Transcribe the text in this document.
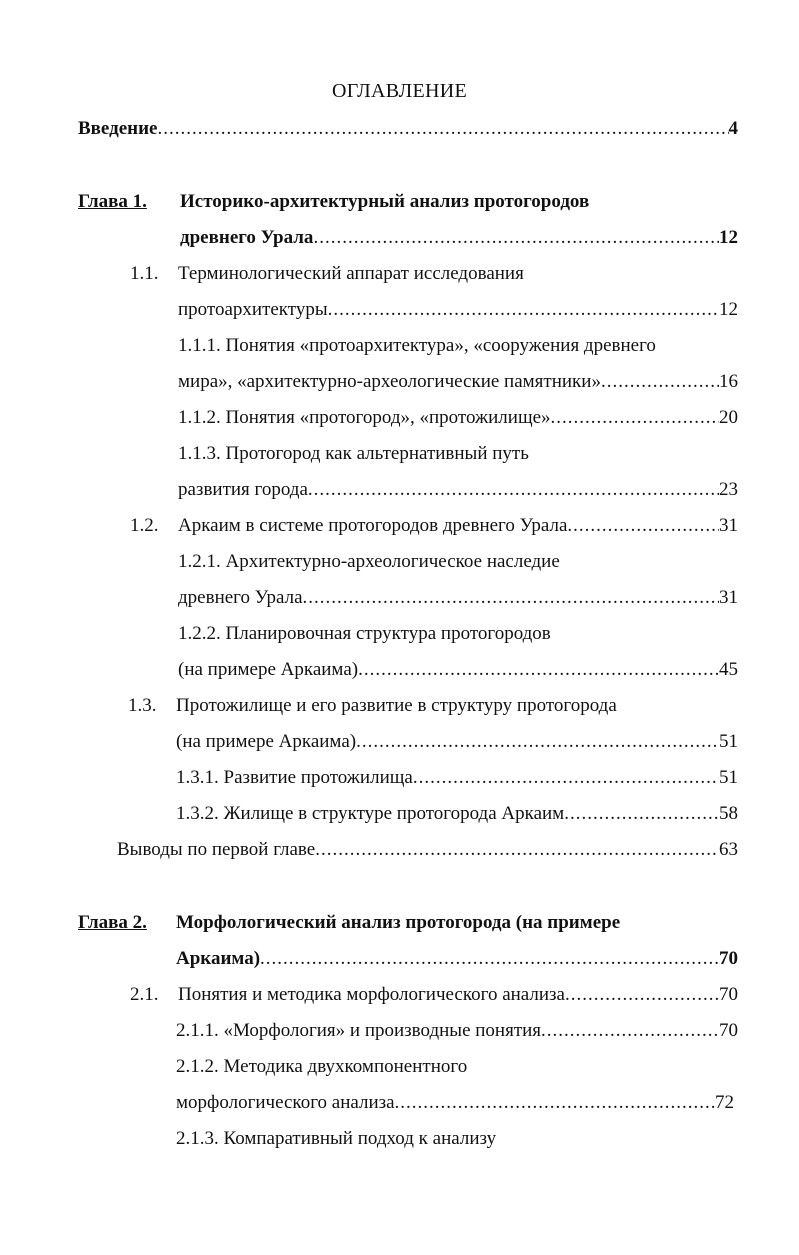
ОГЛАВЛЕНИЕ
Введение .....	4
Глава 1. Историко-архитектурный анализ протогородов
древнего Урала .....	12
1.1. Терминологический аппарат исследования
протоархитектуры .....	12
1.1.1. Понятия «протоархитектура», «сооружения древнего
мира», «архитектурно-археологические памятники» .....	16
1.1.2. Понятия «протогород», «протожилище» .....	20
1.1.3. Протогород как альтернативный путь
развития города .....	23
1.2. Аркаим в системе протогородов древнего Урала .....	31
1.2.1. Архитектурно-археологическое наследие
древнего Урала .....	31
1.2.2. Планировочная структура протогородов
(на примере Аркаима) .....	45
1.3. Протожилище и его развитие в структуру протогорода
(на примере Аркаима) .....	51
1.3.1. Развитие протожилища .....	51
1.3.2. Жилище в структуре протогорода Аркаим .....	58
Выводы по первой главе .....	63
Глава 2. Морфологический анализ протогорода (на примере
Аркаима) .....	70
2.1. Понятия и методика морфологического анализа .....	70
2.1.1. «Морфология» и производные понятия .....	70
2.1.2. Методика двухкомпонентного
морфологического анализа .....	72
2.1.3. Компаративный подход к анализу
